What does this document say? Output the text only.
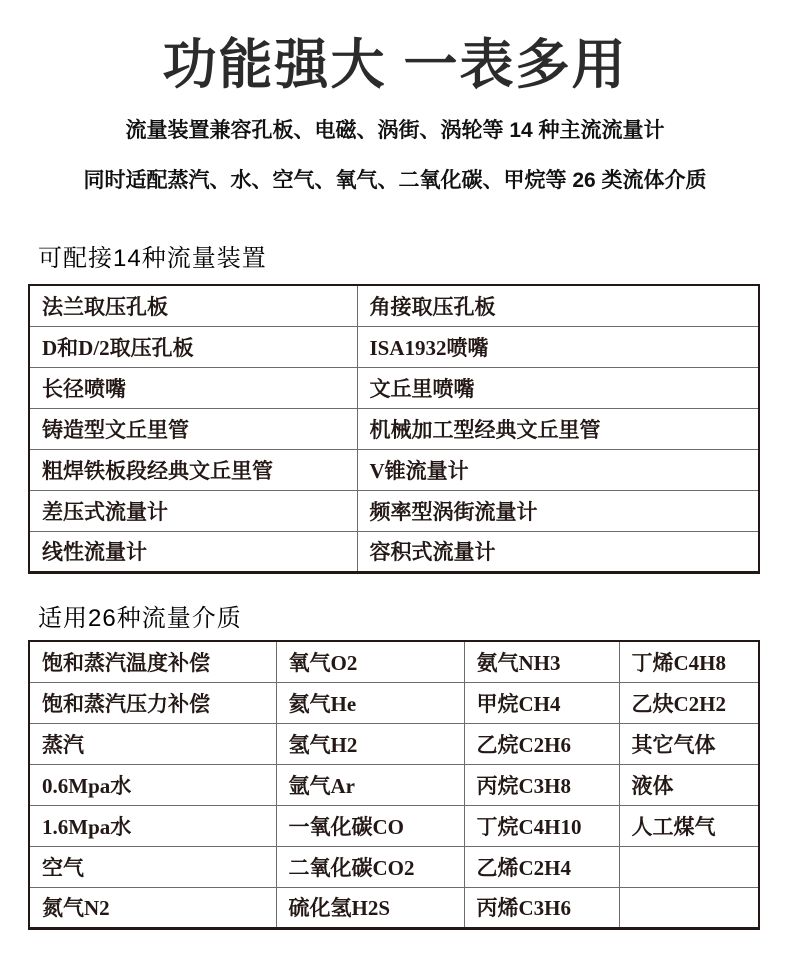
功能强大 一表多用

流量装置兼容孔板、电磁、涡街、涡轮等 14 种主流流量计

同时适配蒸汽、水、空气、氧气、二氧化碳、甲烷等 26 类流体介质

可配接14种流量装置
法兰取压孔板	角接取压孔板
D和D/2取压孔板	ISA1932喷嘴
长径喷嘴	文丘里喷嘴
铸造型文丘里管	机械加工型经典文丘里管
粗焊铁板段经典文丘里管	V锥流量计
差压式流量计	频率型涡街流量计
线性流量计	容积式流量计
适用26种流量介质
饱和蒸汽温度补偿	氧气O2	氨气NH3	丁烯C4H8
饱和蒸汽压力补偿	氦气He	甲烷CH4	乙炔C2H2
蒸汽	氢气H2	乙烷C2H6	其它气体
0.6Mpa水	氩气Ar	丙烷C3H8	液体
1.6Mpa水	一氧化碳CO	丁烷C4H10	人工煤气
空气	二氧化碳CO2	乙烯C2H4	
氮气N2	硫化氢H2S	丙烯C3H6	
